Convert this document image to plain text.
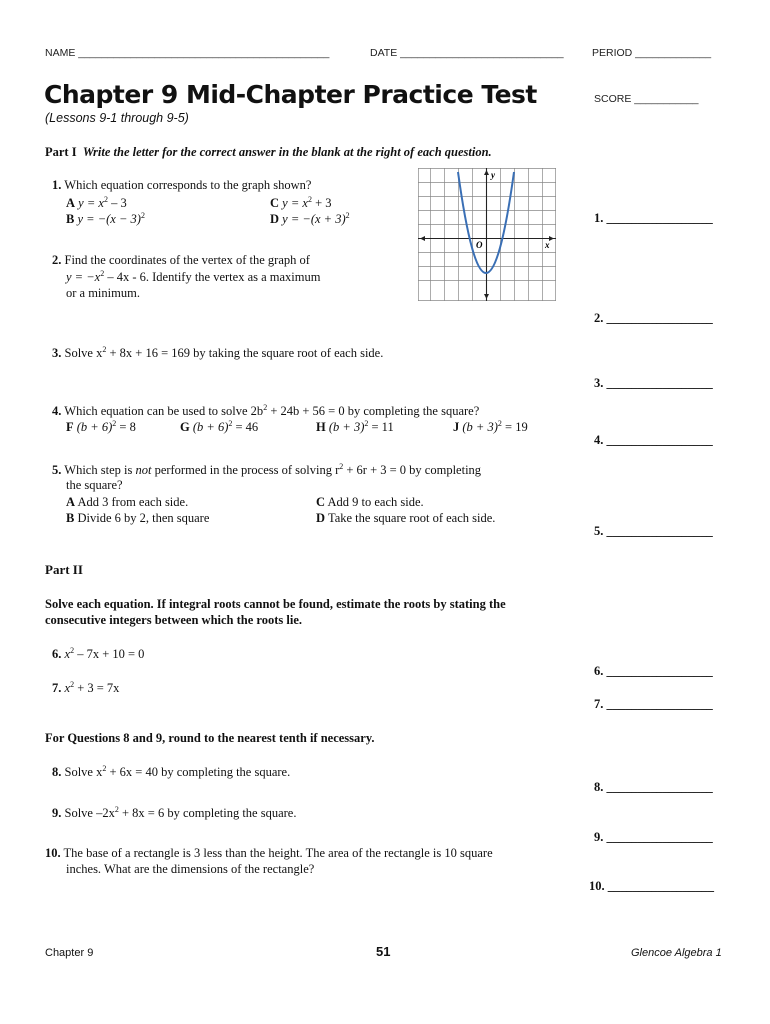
NAME ___________________________________________	DATE ____________________________	PERIOD _____________
Chapter 9 Mid-Chapter Practice Test	SCORE ___________
(Lessons 9-1 through 9-5)
Part I Write the letter for the correct answer in the blank at the right of each question.
1. Which equation corresponds to the graph shown?
A $y = x^2 - 3$	C $y = x^2 + 3$
B $y = -(x - 3)^2$	D $y = -(x + 3)^2$
y
x
O
1. _________________
2. Find the coordinates of the vertex of the graph of
$y = -x^2 - 4x - 6$. Identify the vertex as a maximum
or a minimum.
2. _________________
3. Solve $x^2 + 8x + 16 = 169$ by taking the square root of each side.
3. _________________
4. Which equation can be used to solve $2b^2 + 24b + 56 = 0$ by completing the square?
F $(b + 6)^2 = 8$	G $(b + 6)^2 = 46$	H $(b + 3)^2 = 11$	J $(b + 3)^2 = 19$
4. _________________
5. Which step is not performed in the process of solving $r^2 + 6r + 3 = 0$ by completing
the square?
A Add 3 from each side.	C Add 9 to each side.
B Divide 6 by 2, then square	D Take the square root of each side.
5. _________________
Part II
Solve each equation. If integral roots cannot be found, estimate the roots by stating the
consecutive integers between which the roots lie.
6. $x^2 - 7x + 10 = 0$
6. _________________
7. $x^2 + 3 = 7x$
7. _________________
For Questions 8 and 9, round to the nearest tenth if necessary.
8. Solve $x^2 + 6x = 40$ by completing the square.
8. _________________
9. Solve $-2x^2 + 8x = 6$ by completing the square.
9. _________________
10. The base of a rectangle is 3 less than the height. The area of the rectangle is 10 square
inches. What are the dimensions of the rectangle?
10. _________________
Chapter 9	51	Glencoe Algebra 1
